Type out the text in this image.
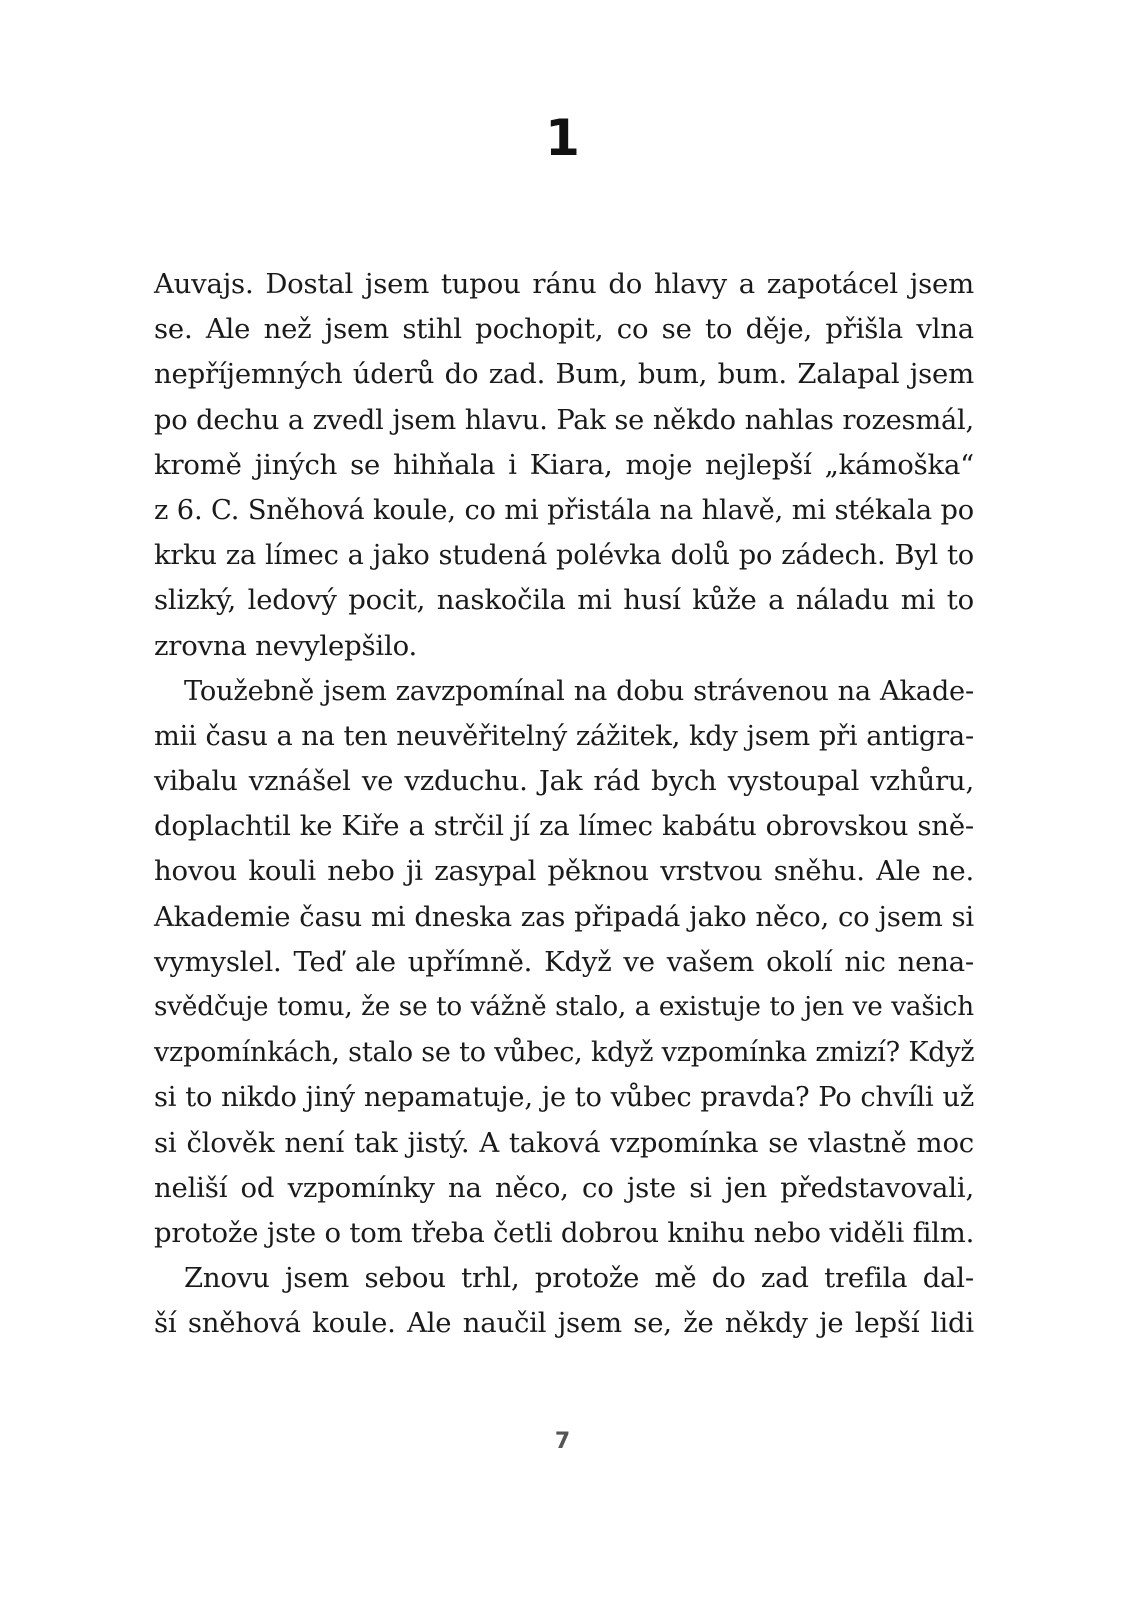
1
Auvajs. Dostal jsem tupou ránu do hlavy a zapotácel jsem
se. Ale než jsem stihl pochopit, co se to děje, přišla vlna
nepříjemných úderů do zad. Bum, bum, bum. Zalapal jsem
po dechu a zvedl jsem hlavu. Pak se někdo nahlas rozesmál,
kromě jiných se hihňala i Kiara, moje nejlepší „kámoška“
z 6. C. Sněhová koule, co mi přistála na hlavě, mi stékala po
krku za límec a jako studená polévka dolů po zádech. Byl to
slizký, ledový pocit, naskočila mi husí kůže a náladu mi to
zrovna nevylepšilo.
Toužebně jsem zavzpomínal na dobu strávenou na Akade-
mii času a na ten neuvěřitelný zážitek, kdy jsem při antigra-
vibalu vznášel ve vzduchu. Jak rád bych vystoupal vzhůru,
doplachtil ke Kiře a strčil jí za límec kabátu obrovskou sně-
hovou kouli nebo ji zasypal pěknou vrstvou sněhu. Ale ne.
Akademie času mi dneska zas připadá jako něco, co jsem si
vymyslel. Teď ale upřímně. Když ve vašem okolí nic nena-
svědčuje tomu, že se to vážně stalo, a existuje to jen ve vašich
vzpomínkách, stalo se to vůbec, když vzpomínka zmizí? Když
si to nikdo jiný nepamatuje, je to vůbec pravda? Po chvíli už
si člověk není tak jistý. A taková vzpomínka se vlastně moc
neliší od vzpomínky na něco, co jste si jen představovali,
protože jste o tom třeba četli dobrou knihu nebo viděli film.
Znovu jsem sebou trhl, protože mě do zad trefila dal-
ší sněhová koule. Ale naučil jsem se, že někdy je lepší lidi
7
